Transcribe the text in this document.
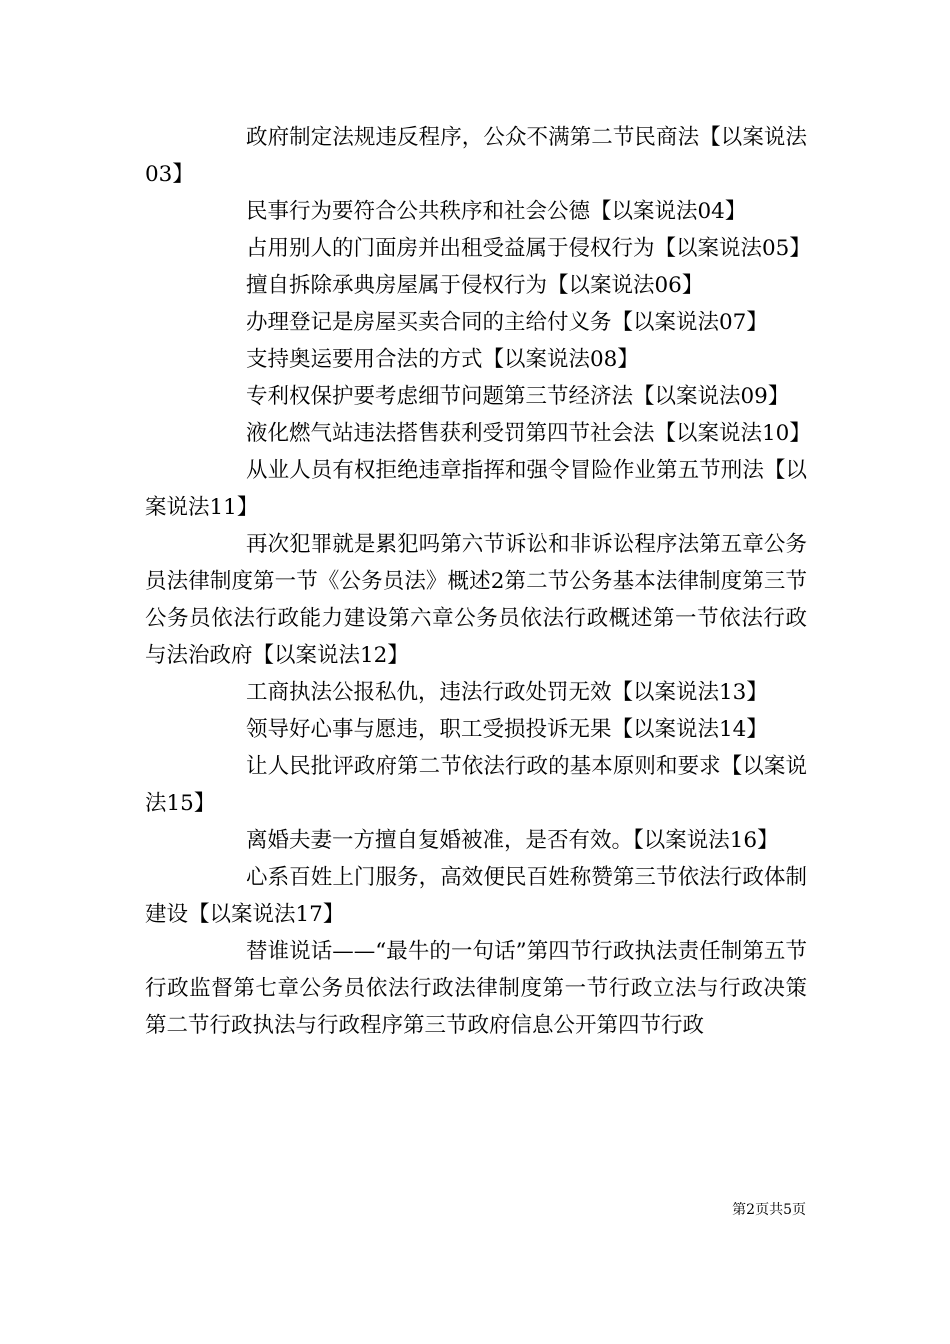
政府制定法规违反程序，公众不满第二节民商法【以案说法03】

民事行为要符合公共秩序和社会公德【以案说法04】

占用别人的门面房并出租受益属于侵权行为【以案说法05】

擅自拆除承典房屋属于侵权行为【以案说法06】

办理登记是房屋买卖合同的主给付义务【以案说法07】

支持奥运要用合法的方式【以案说法08】

专利权保护要考虑细节问题第三节经济法【以案说法09】

液化燃气站违法搭售获利受罚第四节社会法【以案说法10】

从业人员有权拒绝违章指挥和强令冒险作业第五节刑法【以案说法11】

再次犯罪就是累犯吗第六节诉讼和非诉讼程序法第五章公务员法律制度第一节《公务员法》概述2第二节公务基本法律制度第三节公务员依法行政能力建设第六章公务员依法行政概述第一节依法行政与法治政府【以案说法12】

工商执法公报私仇，违法行政处罚无效【以案说法13】

领导好心事与愿违，职工受损投诉无果【以案说法14】

让人民批评政府第二节依法行政的基本原则和要求【以案说法15】

离婚夫妻一方擅自复婚被准，是否有效。【以案说法16】

心系百姓上门服务，高效便民百姓称赞第三节依法行政体制建设【以案说法17】

替谁说话——“最牛的一句话”第四节行政执法责任制第五节行政监督第七章公务员依法行政法律制度第一节行政立法与行政决策第二节行政执法与行政程序第三节政府信息公开第四节行政

第2页共5页
